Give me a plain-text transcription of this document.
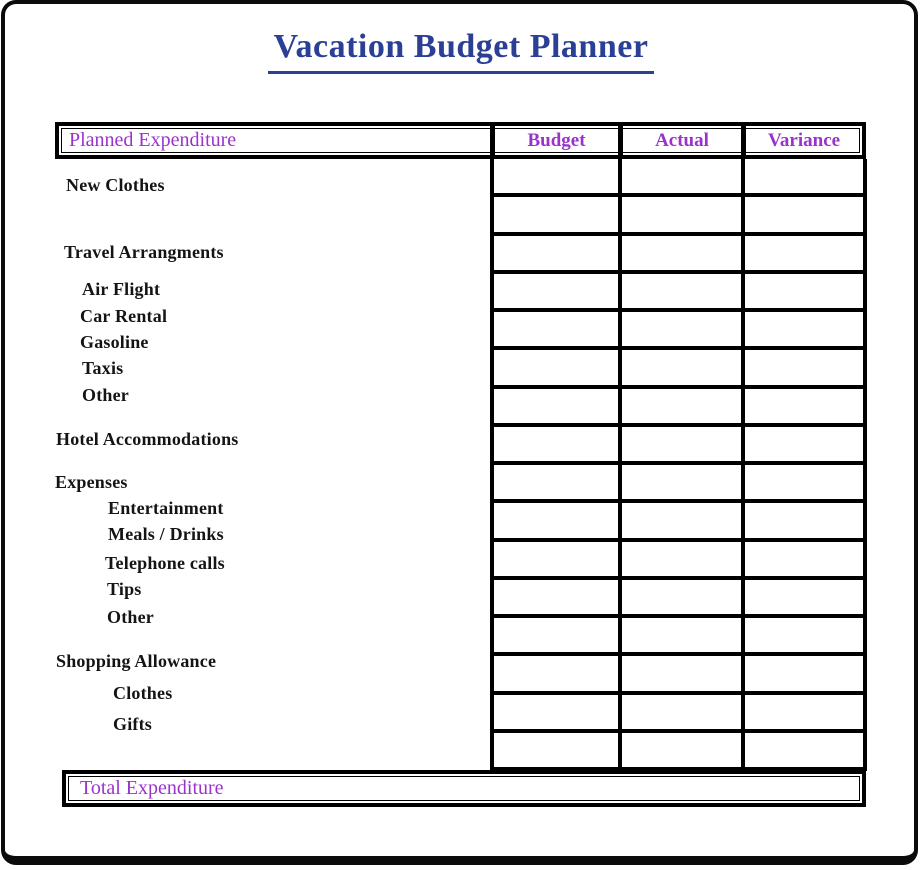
Vacation Budget Planner
Planned Expenditure	Budget	Actual	Variance
New Clothes
Travel Arrangments
Air Flight
Car Rental
Gasoline
Taxis
Other
Hotel Accommodations
Expenses
Entertainment
Meals / Drinks
Telephone calls
Tips
Other
Shopping Allowance
Clothes
Gifts
Total Expenditure
